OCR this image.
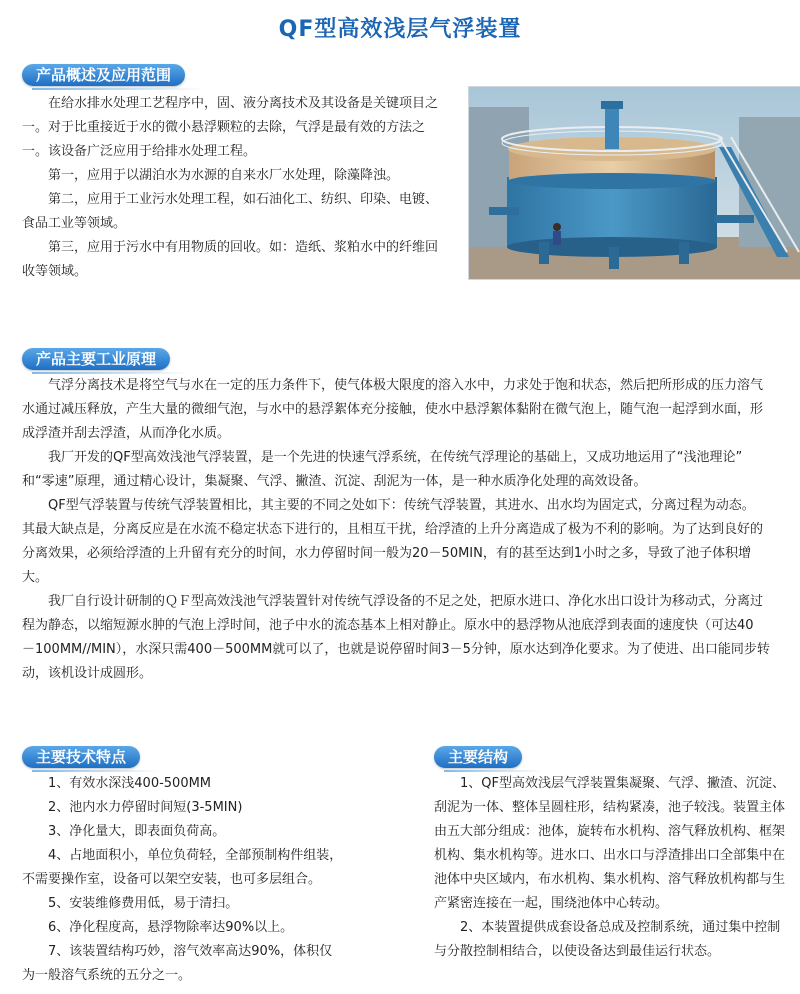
QF型高效浅层气浮装置
产品概述及应用范围

在给水排水处理工艺程序中，固、液分离技术及其设备是关键项目之

一。对于比重接近于水的微小悬浮颗粒的去除，气浮是最有效的方法之

一。该设备广泛应用于给排水处理工程。

第一，应用于以湖泊水为水源的自来水厂水处理，除藻降浊。

第二，应用于工业污水处理工程，如石油化工、纺织、印染、电镀、

食品工业等领域。

第三，应用于污水中有用物质的回收。如：造纸、浆粕水中的纤维回

收等领域。

产品主要工业原理

气浮分离技术是将空气与水在一定的压力条件下，使气体极大限度的溶入水中，力求处于饱和状态，然后把所形成的压力溶气

水通过减压释放，产生大量的微细气泡，与水中的悬浮絮体充分接触，使水中悬浮絮体黏附在微气泡上，随气泡一起浮到水面，形

成浮渣并刮去浮渣，从而净化水质。

我厂开发的QF型高效浅池气浮装置，是一个先进的快速气浮系统，在传统气浮理论的基础上，又成功地运用了“浅池理论”

和“零速”原理，通过精心设计，集凝聚、气浮、撇渣、沉淀、刮泥为一体，是一种水质净化处理的高效设备。

QF型气浮装置与传统气浮装置相比，其主要的不同之处如下：传统气浮装置，其进水、出水均为固定式，分离过程为动态。

其最大缺点是，分离反应是在水流不稳定状态下进行的，且相互干扰，给浮渣的上升分离造成了极为不利的影响。为了达到良好的

分离效果，必须给浮渣的上升留有充分的时间，水力停留时间一般为20－50MIN，有的甚至达到1小时之多，导致了池子体积增

大。

我厂自行设计研制的ＱＦ型高效浅池气浮装置针对传统气浮设备的不足之处，把原水进口、净化水出口设计为移动式，分离过

程为静态，以缩短源水肿的气泡上浮时间，池子中水的流态基本上相对静止。原水中的悬浮物从池底浮到表面的速度快（可达40

－100MM//MIN），水深只需400－500MM就可以了，也就是说停留时间3－5分钟，原水达到净化要求。为了使进、出口能同步转

动，该机设计成圆形。

主要技术特点

1、有效水深浅400-500MM

2、池内水力停留时间短(3-5MIN)

3、净化量大，即表面负荷高。

4、占地面积小，单位负荷轻，全部预制构件组装，

不需要操作室，设备可以架空安装，也可多层组合。

5、安装维修费用低，易于清扫。

6、净化程度高，悬浮物除率达90%以上。

7、该装置结构巧妙，溶气效率高达90%，体积仅

为一般溶气系统的五分之一。

主要结构

1、QF型高效浅层气浮装置集凝聚、气浮、撇渣、沉淀、

刮泥为一体、整体呈圆柱形，结构紧凑，池子较浅。装置主体

由五大部分组成：池体，旋转布水机构、溶气释放机构、框架

机构、集水机构等。进水口、出水口与浮渣排出口全部集中在

池体中央区域内，布水机构、集水机构、溶气释放机构都与生

产紧密连接在一起，围绕池体中心转动。

2、本装置提供成套设备总成及控制系统，通过集中控制

与分散控制相结合，以使设备达到最佳运行状态。
